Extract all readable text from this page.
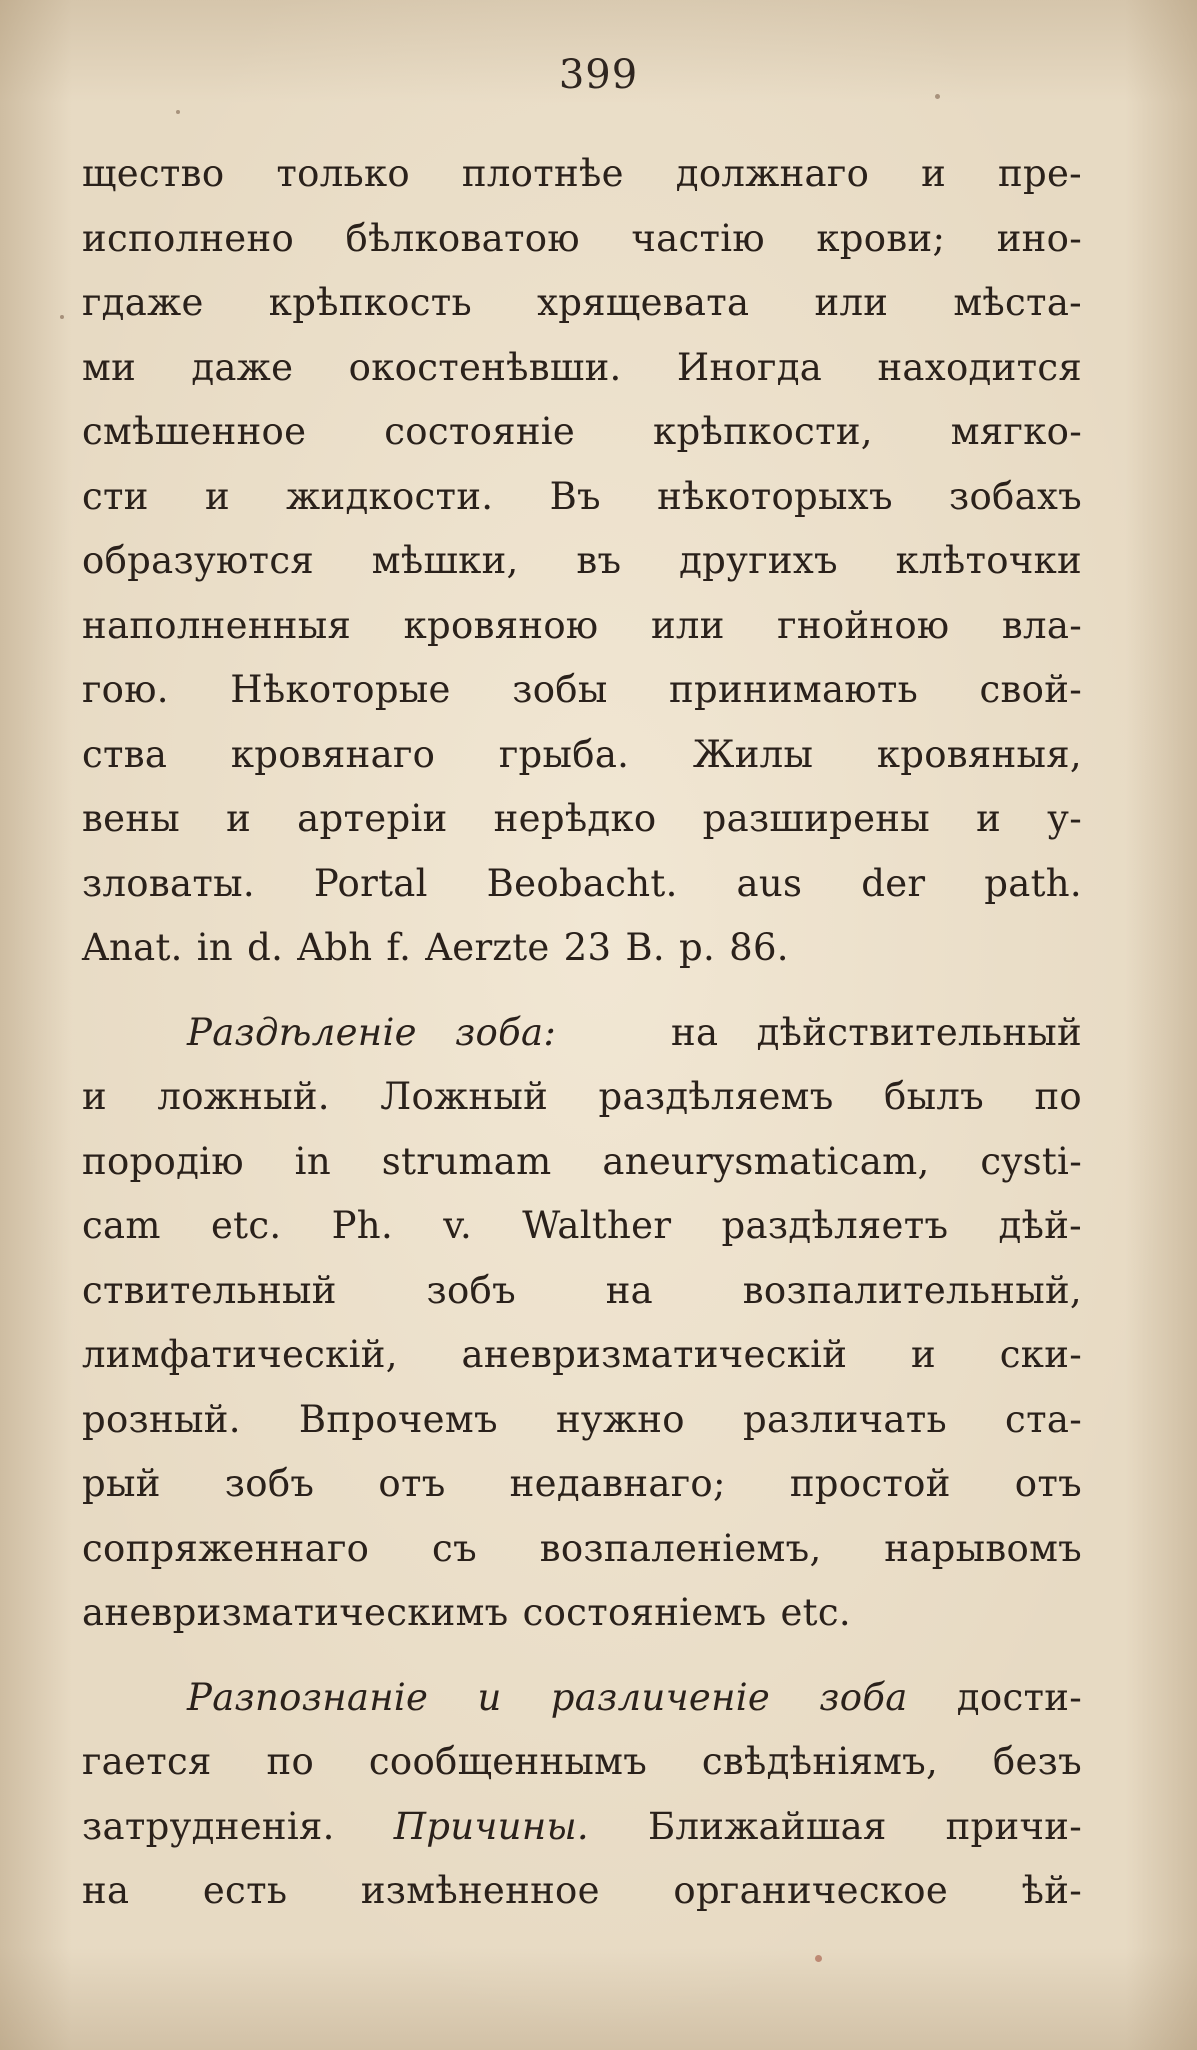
399
щество только плотнѣе должнаго и пре-
исполнено бѣлковатою частію крови; ино-
гдаже крѣпкость хрящевата или мѣста-
ми даже окостенѣвши. Иногда находится
смѣшенное состояніе крѣпкости, мягко-
сти и жидкости. Въ нѣкоторыхъ зобахъ
образуются мѣшки, въ другихъ клѣточки
наполненныя кровяною или гнойною вла-
гою. Нѣкоторые зобы принимають свой-
ства кровянаго грыба. Жилы кровяныя,
вены и артеріи нерѣдко разширены и у-
зловаты. Portal Beobacht. aus der path.
Anat. in d. Abh f. Aerzte 23 B. p. 86.
Раздѣленіе зоба:	на дѣйствительный
и ложный. Ложный раздѣляемъ былъ по
породію in strumam aneurysmaticam, cysti-
cam etc. Ph. v. Walther раздѣляетъ дѣй-
ствительный зобъ на возпалительный,
лимфатическій, аневризматическій и ски-
розный. Впрочемъ нужно различать ста-
рый зобъ отъ недавнаго; простой отъ
сопряженнаго съ возпаленіемъ, нарывомъ
аневризматическимъ состояніемъ etc.
Разпознаніе и различеніе зоба дости-
гается по сообщеннымъ свѣдѣніямъ, безъ
затрудненія. Причины. Ближайшая причи-
на есть измѣненное органическое ѣй-
